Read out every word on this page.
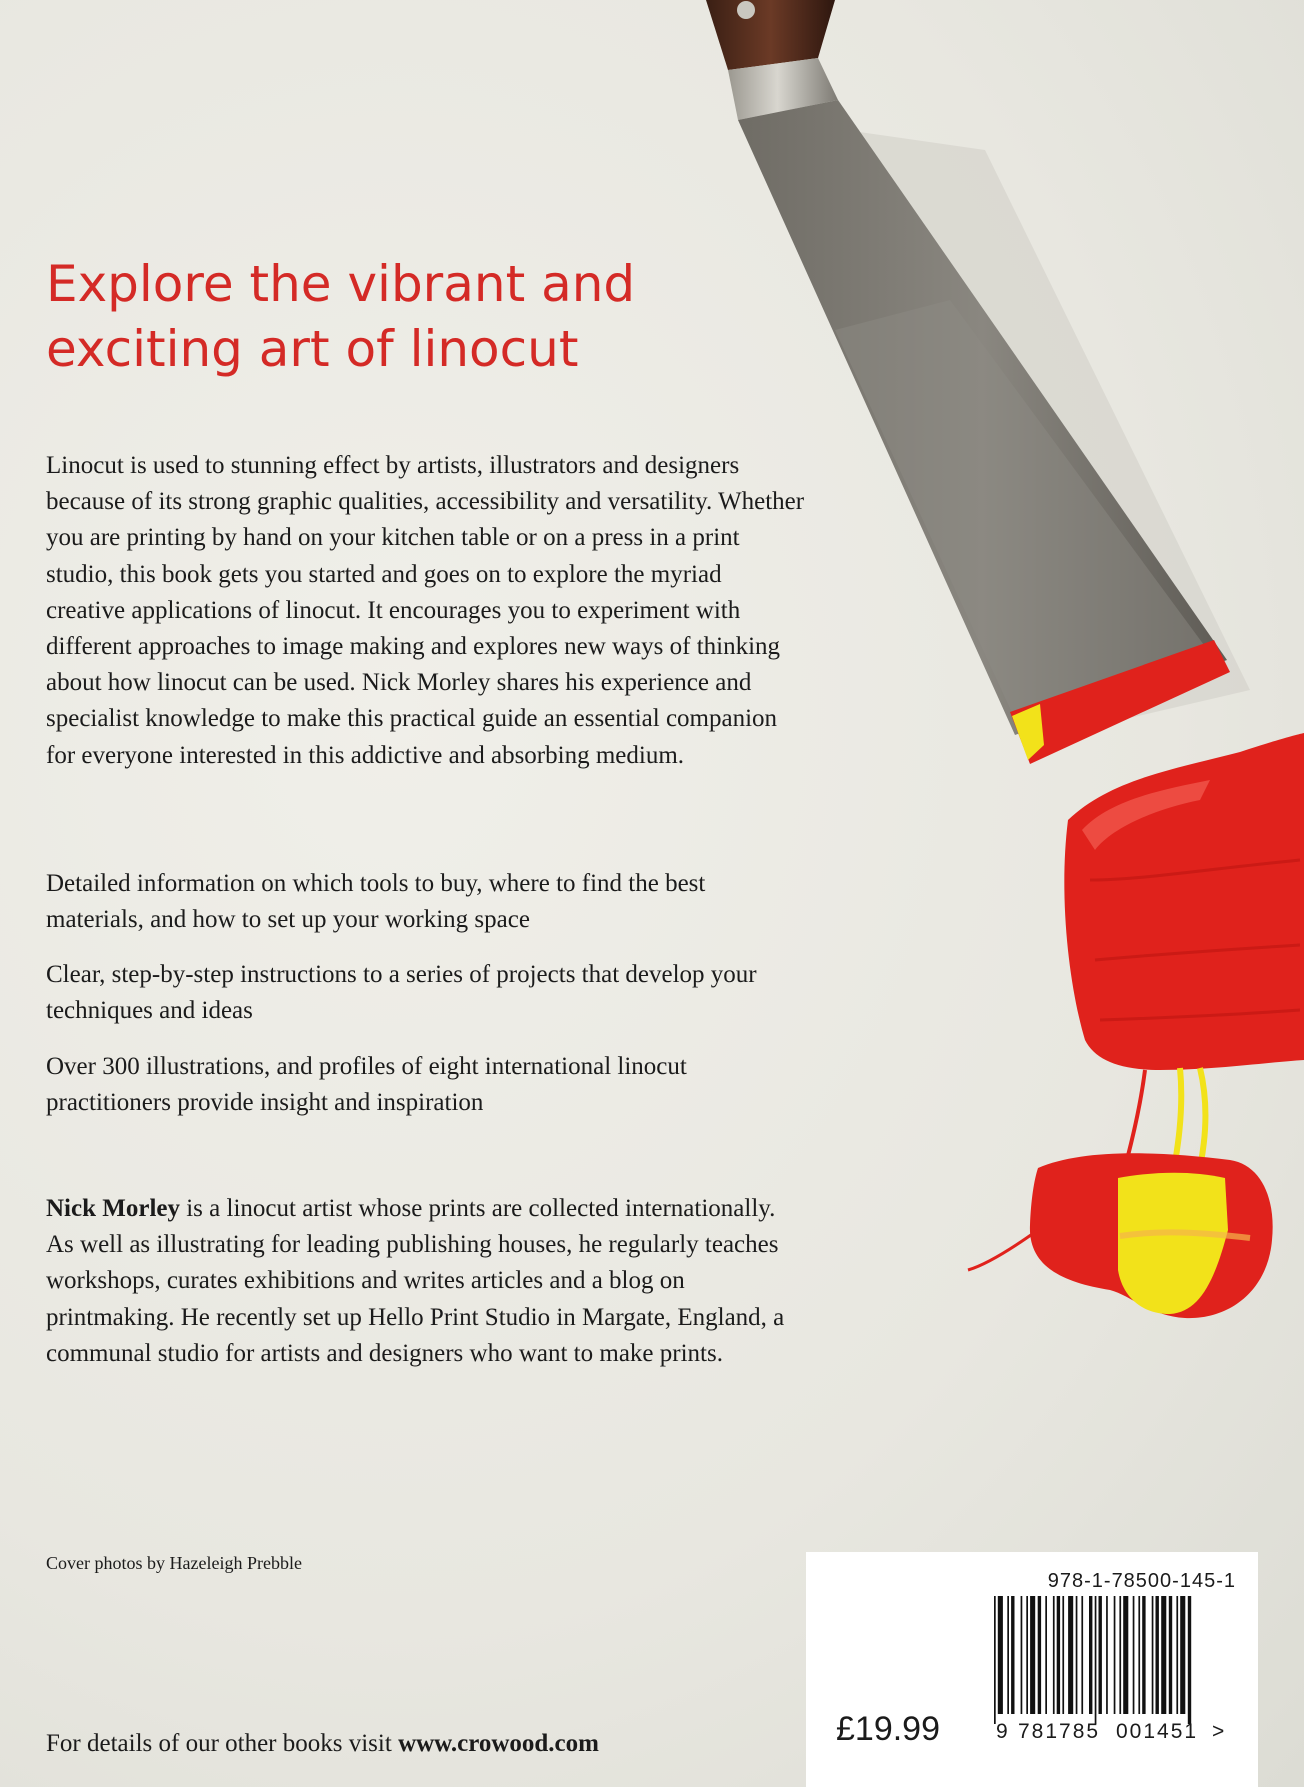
Explore the vibrant and
exciting art of linocut

Linocut is used to stunning effect by artists, illustrators and designers because of its strong graphic qualities, accessibility and versatility. Whether you are printing by hand on your kitchen table or on a press in a print studio, this book gets you started and goes on to explore the myriad creative applications of linocut. It encourages you to experiment with different approaches to image making and explores new ways of thinking about how linocut can be used. Nick Morley shares his experience and specialist knowledge to make this practical guide an essential companion for everyone interested in this addictive and absorbing medium.

Detailed information on which tools to buy, where to find the best materials, and how to set up your working space

Clear, step-by-step instructions to a series of projects that develop your techniques and ideas

Over 300 illustrations, and profiles of eight international linocut practitioners provide insight and inspiration

Nick Morley is a linocut artist whose prints are collected internationally. As well as illustrating for leading publishing houses, he regularly teaches workshops, curates exhibitions and writes articles and a blog on printmaking. He recently set up Hello Print Studio in Margate, England, a communal studio for artists and designers who want to make prints.

Cover photos by Hazeleigh Prebble

For details of our other books visit www.crowood.com

978-1-78500-145-1

£19.99	9 781785 001451 >
